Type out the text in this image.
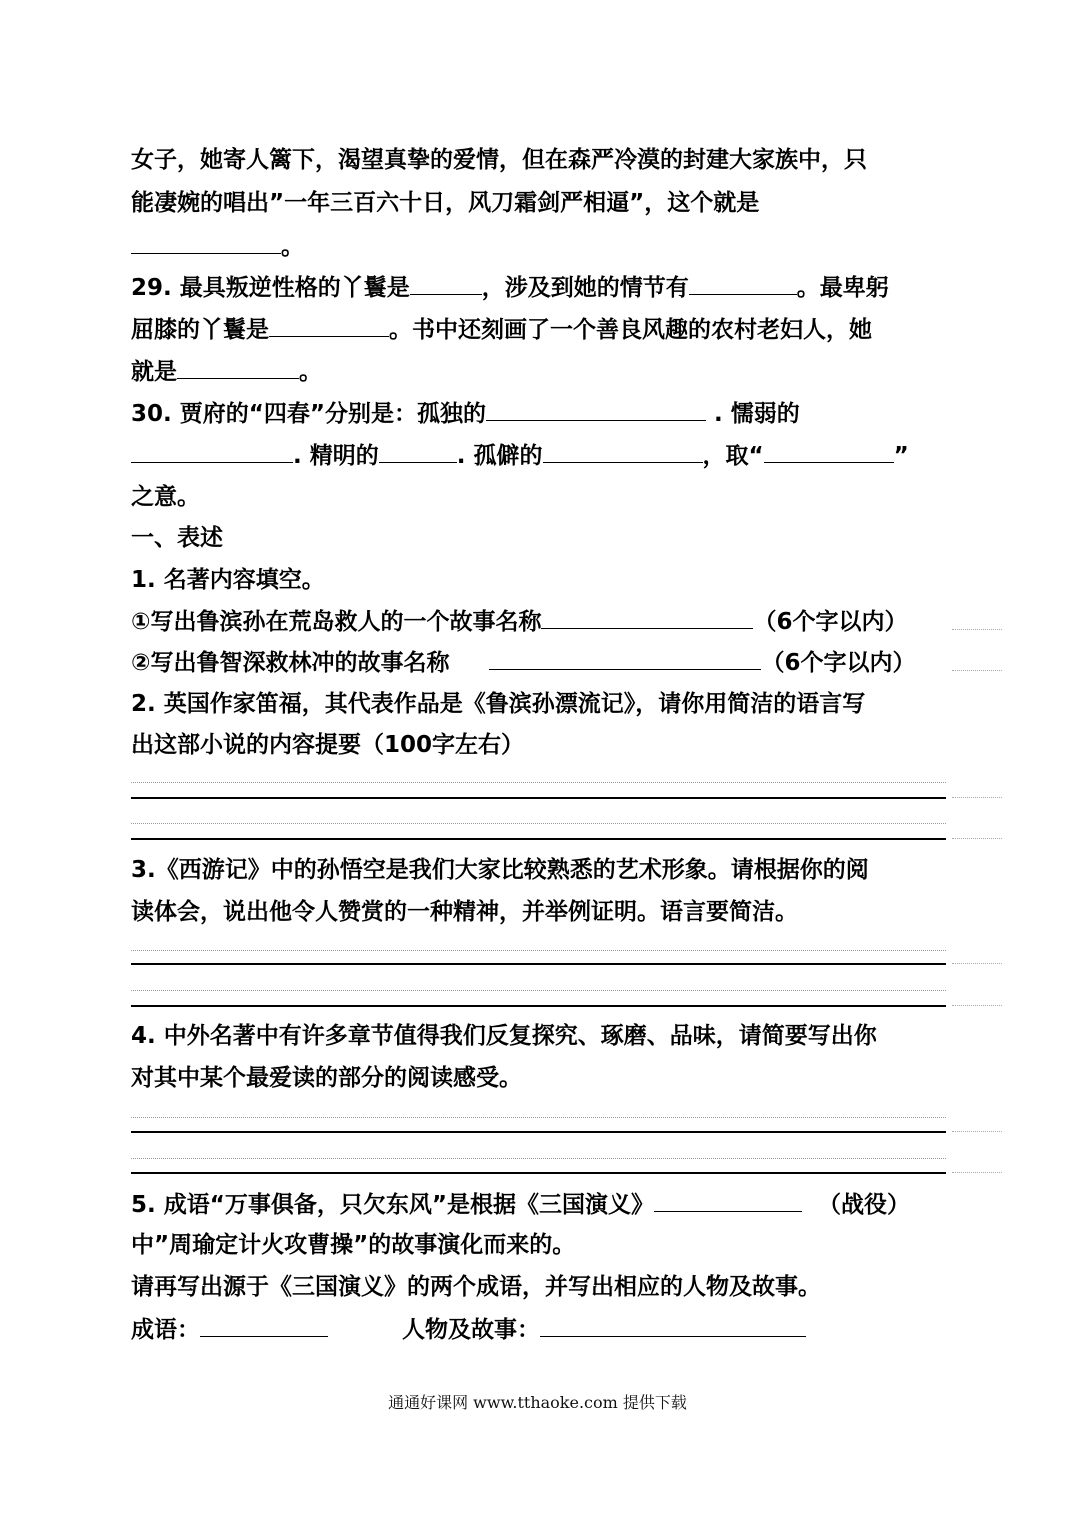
女子，她寄人篱下，渴望真挚的爱情，但在森严冷漠的封建大家族中，只
能凄婉的唱出”一年三百六十日，风刀霜剑严相逼”，这个就是
。
29. 最具叛逆性格的丫鬟是	，涉及到她的情节有	。最卑躬
屈膝的丫鬟是	。书中还刻画了一个善良风趣的农村老妇人，她
就是	。
30. 贾府的“四春”分别是：孤独的	. 懦弱的
. 精明的	. 孤僻的	，取“	”
之意。
一、表述
1. 名著内容填空。
①写出鲁滨孙在荒岛救人的一个故事名称	（6个字以内）
②写出鲁智深救林冲的故事名称	（6个字以内）
2. 英国作家笛福，其代表作品是《鲁滨孙漂流记》，请你用简洁的语言写
出这部小说的内容提要（100字左右）
3.《西游记》中的孙悟空是我们大家比较熟悉的艺术形象。请根据你的阅
读体会，说出他令人赞赏的一种精神，并举例证明。语言要简洁。
4. 中外名著中有许多章节值得我们反复探究、琢磨、品味，请简要写出你
对其中某个最爱读的部分的阅读感受。
5. 成语“万事俱备，只欠东风”是根据《三国演义》	（战役）
中”周瑜定计火攻曹操”的故事演化而来的。
请再写出源于《三国演义》的两个成语，并写出相应的人物及故事。
成语：	人物及故事：
通通好课网 www.tthaoke.com 提供下载
